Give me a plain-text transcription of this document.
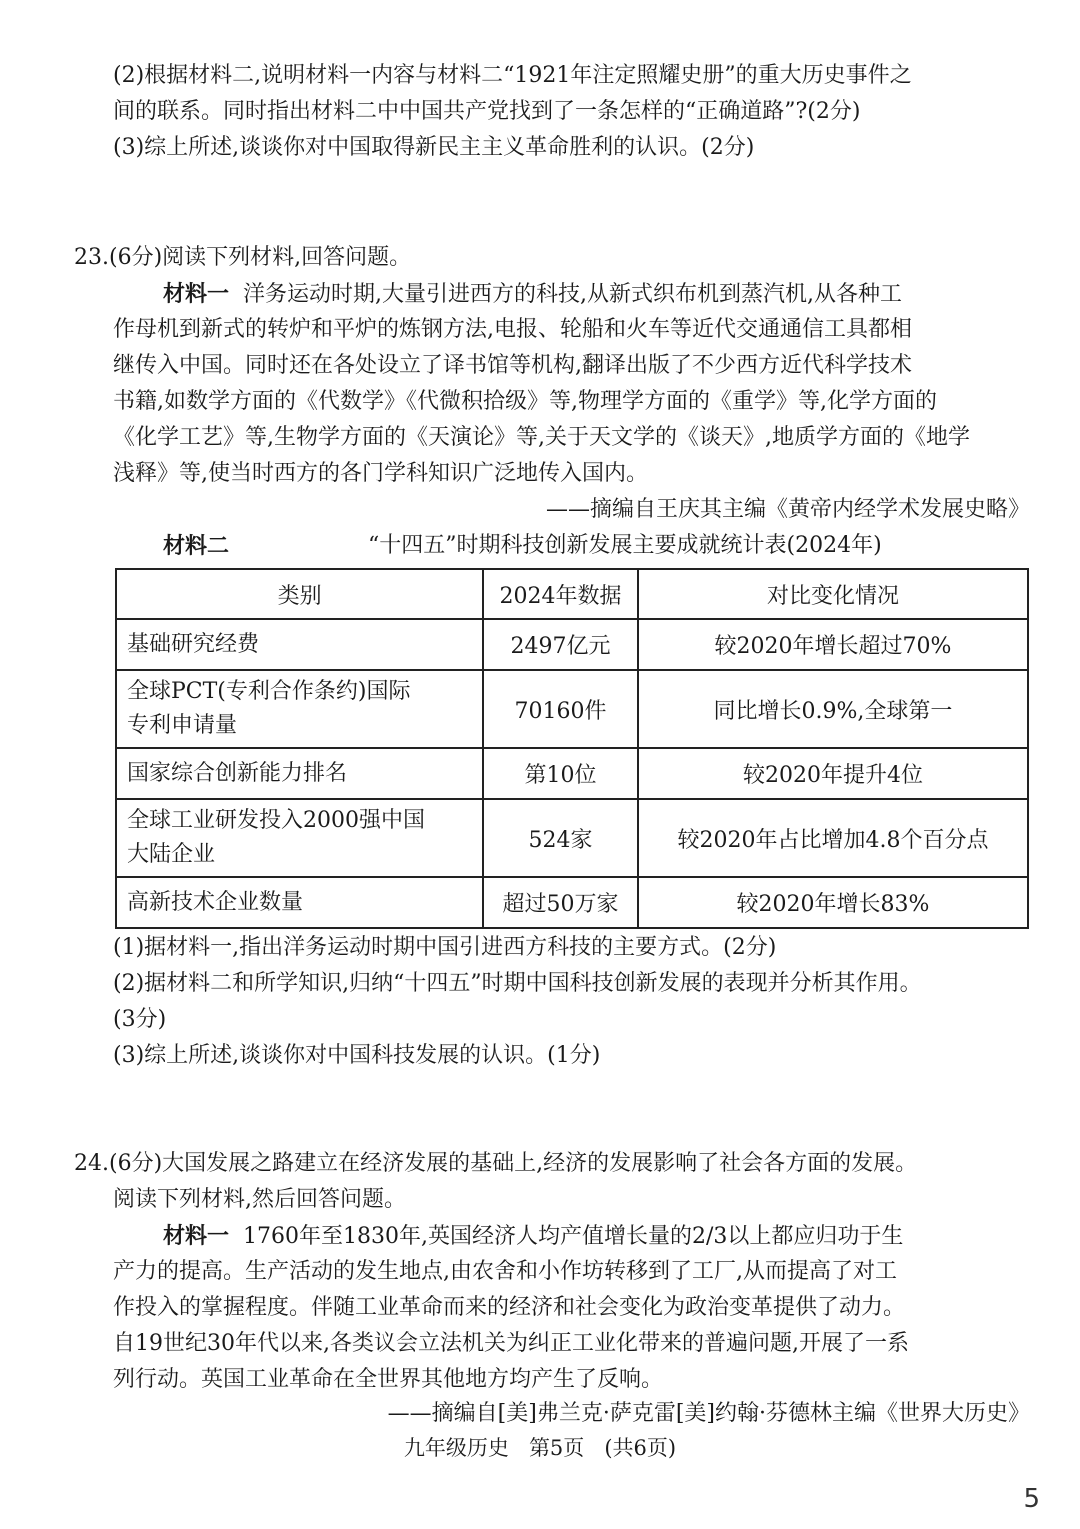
(2)根据材料二,说明材料一内容与材料二“1921年注定照耀史册”的重大历史事件之
间的联系。同时指出材料二中中国共产党找到了一条怎样的“正确道路”?(2分)
(3)综上所述,谈谈你对中国取得新民主主义革命胜利的认识。(2分)
23.(6分)阅读下列材料,回答问题。
材料一 洋务运动时期,大量引进西方的科技,从新式织布机到蒸汽机,从各种工
作母机到新式的转炉和平炉的炼钢方法,电报、轮船和火车等近代交通通信工具都相
继传入中国。同时还在各处设立了译书馆等机构,翻译出版了不少西方近代科学技术
书籍,如数学方面的《代数学》《代微积拾级》等,物理学方面的《重学》等,化学方面的
《化学工艺》等,生物学方面的《天演论》等,关于天文学的《谈天》,地质学方面的《地学
浅释》等,使当时西方的各门学科知识广泛地传入国内。
——摘编自王庆其主编《黄帝内经学术发展史略》
材料二	“十四五”时期科技创新发展主要成就统计表(2024年)
类别	2024年数据	对比变化情况
基础研究经费	2497亿元	较2020年增长超过70%
全球PCT(专利合作条约)国际
专利申请量	70160件	同比增长0.9%,全球第一
国家综合创新能力排名	第10位	较2020年提升4位
全球工业研发投入2000强中国
大陆企业	524家	较2020年占比增加4.8个百分点
高新技术企业数量	超过50万家	较2020年增长83%
(1)据材料一,指出洋务运动时期中国引进西方科技的主要方式。(2分)
(2)据材料二和所学知识,归纳“十四五”时期中国科技创新发展的表现并分析其作用。
(3分)
(3)综上所述,谈谈你对中国科技发展的认识。(1分)
24.(6分)大国发展之路建立在经济发展的基础上,经济的发展影响了社会各方面的发展。
阅读下列材料,然后回答问题。
材料一 1760年至1830年,英国经济人均产值增长量的2/3以上都应归功于生
产力的提高。生产活动的发生地点,由农舍和小作坊转移到了工厂,从而提高了对工
作投入的掌握程度。伴随工业革命而来的经济和社会变化为政治变革提供了动力。
自19世纪30年代以来,各类议会立法机关为纠正工业化带来的普遍问题,开展了一系
列行动。英国工业革命在全世界其他地方均产生了反响。
——摘编自[美]弗兰克·萨克雷[美]约翰·芬德林主编《世界大历史》
九年级历史 第5页 (共6页)
5
